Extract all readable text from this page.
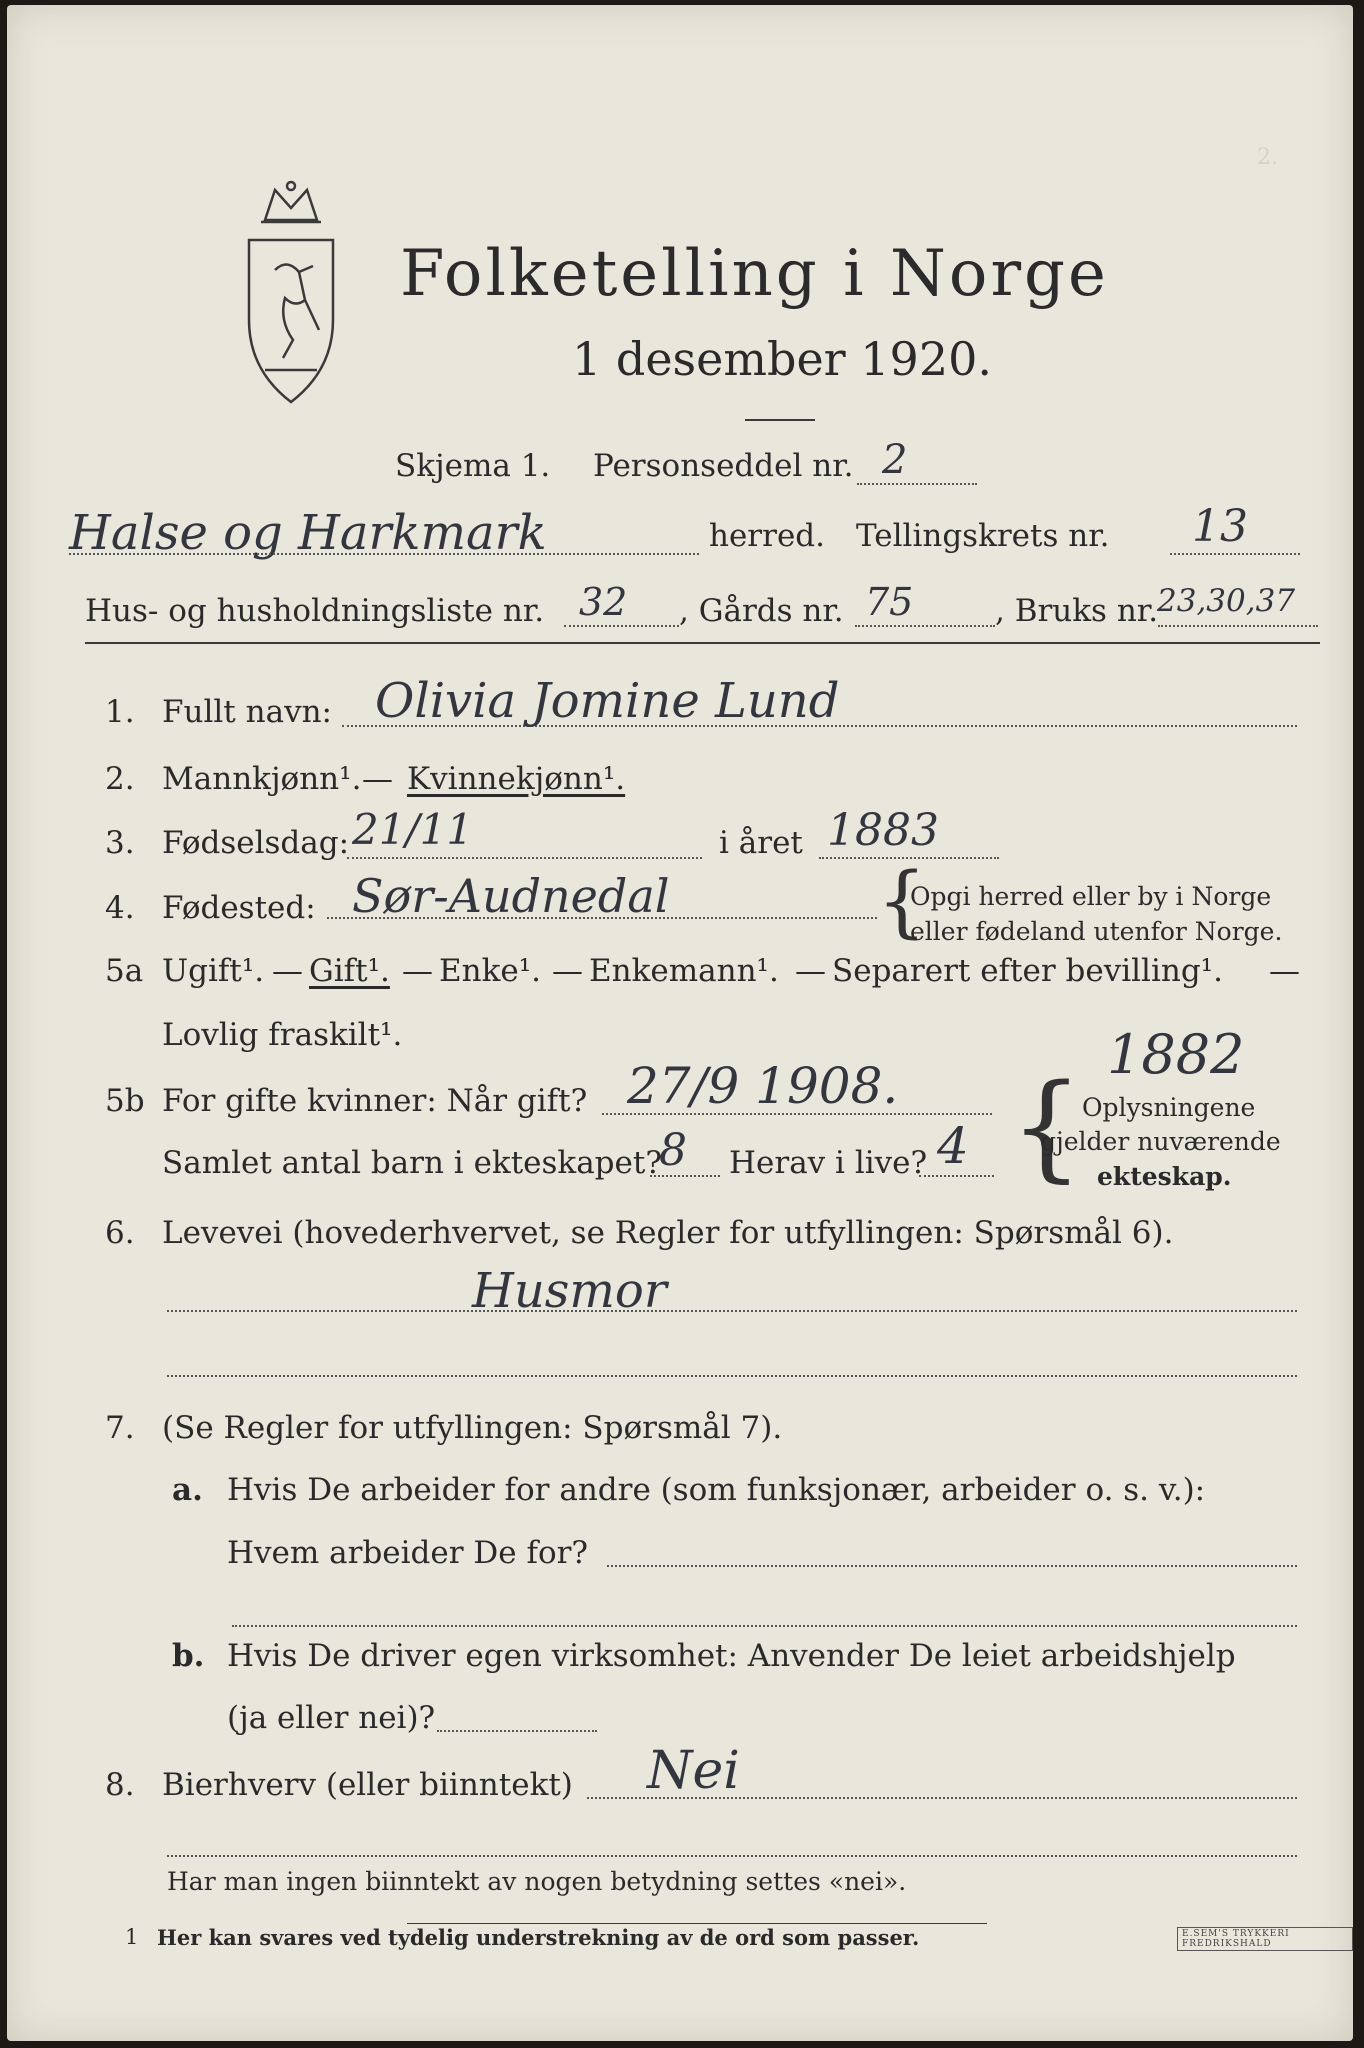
2.
Folketelling i Norge
1 desember 1920.
Skjema 1. Personseddel nr. 2
Halse og Harkmark	herred. Tellingskrets nr. 13
Hus- og husholdningsliste nr. 32 , Gårds nr. 75	, Bruks nr.
23,30,37
1. Fullt navn: Olivia Jomine Lund
2. Mannkjønn¹. — Kvinnekjønn¹.
3. Fødselsdag: 21/11	i året 1883
4. Fødested: Sør-Audnedal	{
Opgi herred eller by i Norge
eller fødeland utenfor Norge.
5a Ugift¹. — Gift¹. — Enke¹. — Enkemann¹. — Separert efter bevilling¹. —
Lovlig fraskilt¹.
5b For gifte kvinner: Når gift? 27/9 1908.	1882
Samlet antal barn i ekteskapet?
8 Herav i live? 4 {
Oplysningene
gjelder nuværende
ekteskap.
6. Levevei (hovederhvervet, se Regler for utfyllingen: Spørsmål 6).
Husmor
7. (Se Regler for utfyllingen: Spørsmål 7).
a. Hvis De arbeider for andre (som funksjonær, arbeider o. s. v.):
Hvem arbeider De for?
b. Hvis De driver egen virksomhet: Anvender De leiet arbeidshjelp
(ja eller nei)?
8. Bierhverv (eller biinntekt) Nei
Har man ingen biinntekt av nogen betydning settes «nei».
1 Her kan svares ved tydelig understrekning av de ord som passer.	E.SEM'S TRYKKERI FREDRIKSHALD
